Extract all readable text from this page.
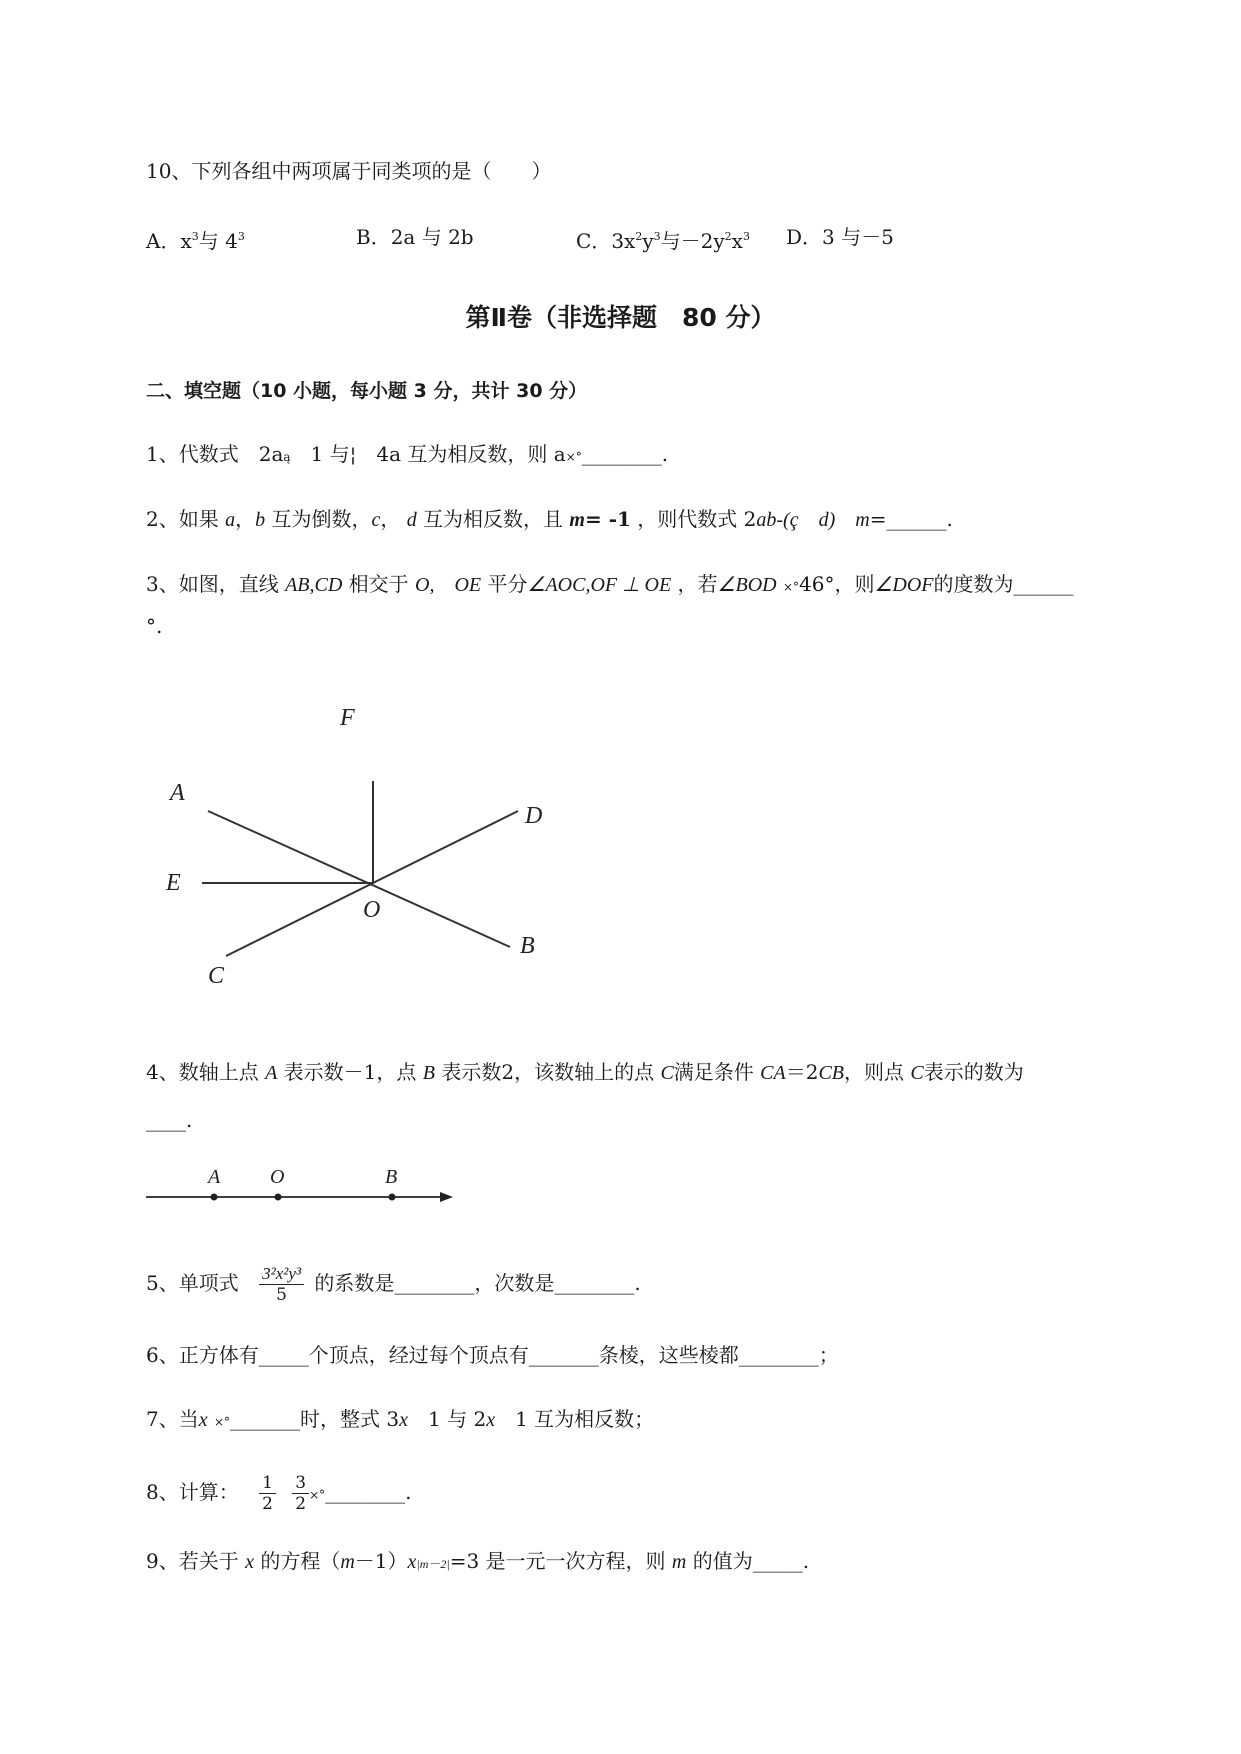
10、下列各组中两项属于同类项的是（　　）
A．$x^3$与 $4^3$	B．2a 与 2b	C．$3x^2y^3$与$-2y^2x^3$ D．3 与－5
第Ⅱ卷（非选择题　80 分）
二、填空题（10 小题，每小题 3 分，共计 30 分）
1、代数式　2aą　 1 与¦　4a 互为相反数，则 a×°________.
2、如果 a，b 互为倒数，c， d 互为相反数，且 m= -1 ，则代数式 2ab-(ç　d)　m=______.
3、如图，直线 AB,CD 相交于 O,　 OE 平分∠AOC,OF ⊥ OE ，若∠BOD ×°46°，则∠DOF的度数为______
°.
F
A
D
E
O
B
C
4、数轴上点 A 表示数－1，点 B 表示数2，该数轴上的点 C满足条件 CA＝2CB，则点 C表示的数为
____.
A O	B
5、单项式 $\frac{\text{3²x²y³}}{5}$ 的系数是________，次数是________.
6、正方体有_____个顶点，经过每个顶点有_______条棱，这些棱都________；
7、当x ×°_______时，整式 3x　 1 与 2x　 1 互为相反数；
8、计算： $\frac{1}{2}$
$\frac{3}{2}$ ×°________.
9、若关于 x 的方程（m－1）x|m－2|=3 是一元一次方程，则 m 的值为_____.
